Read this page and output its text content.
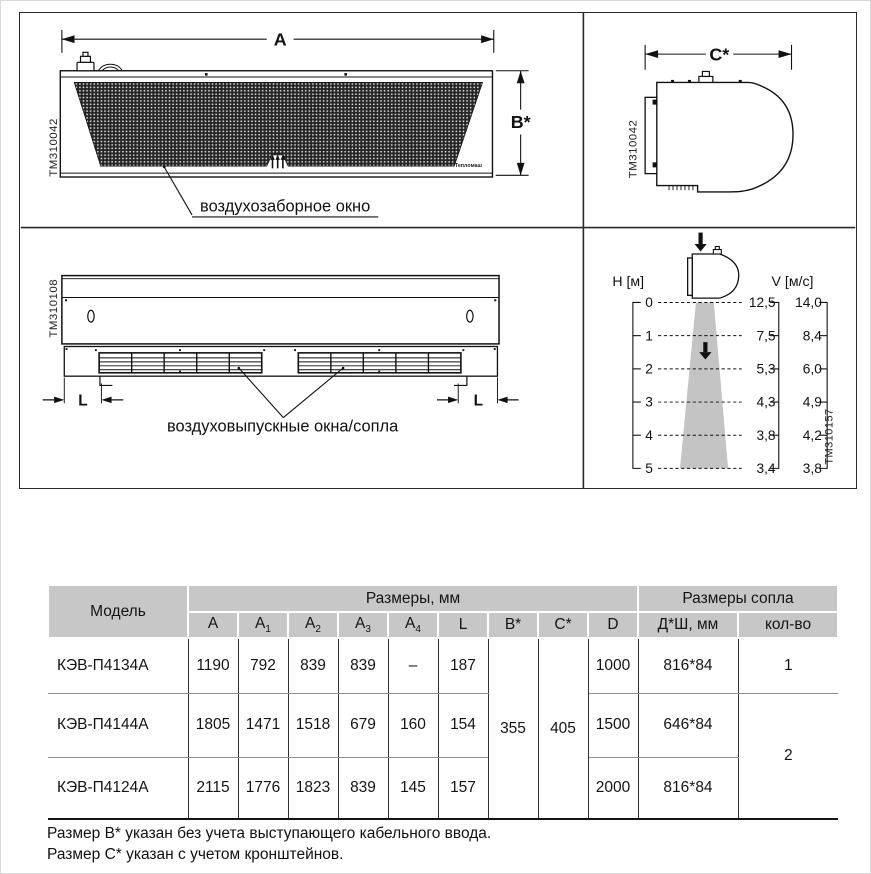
A
B*
ТМ310042	Тепломаш
воздухозаборное окно
C*
ТМ310042
L	L
воздуховыпускные окна/сопла
ТМ310108	H [м]	V [м/с]
0
1
2
3
4
5
12,5
7,5
5,3
4,3
3,8
3,4
14,0
8,4
6,0
4,9
4,2
3,8
ТМ310157
Модель	Размеры, мм									Размеры сопла	
	A	$A_1$	$A_2$	$A_3$	$A_4$	L	B*	C*	D	Д*Ш, мм	кол-во
КЭВ-П4134А	1190	792	839	839	–	187	355	405	1000	816*84	1
КЭВ-П4144А	1805	1471	1518	679	160	154			1500	646*84	2
КЭВ-П4124А	2115	1776	1823	839	145	157			2000	816*84	
Размер B* указан без учета выступающего кабельного ввода.
Размер C* указан с учетом кронштейнов.
